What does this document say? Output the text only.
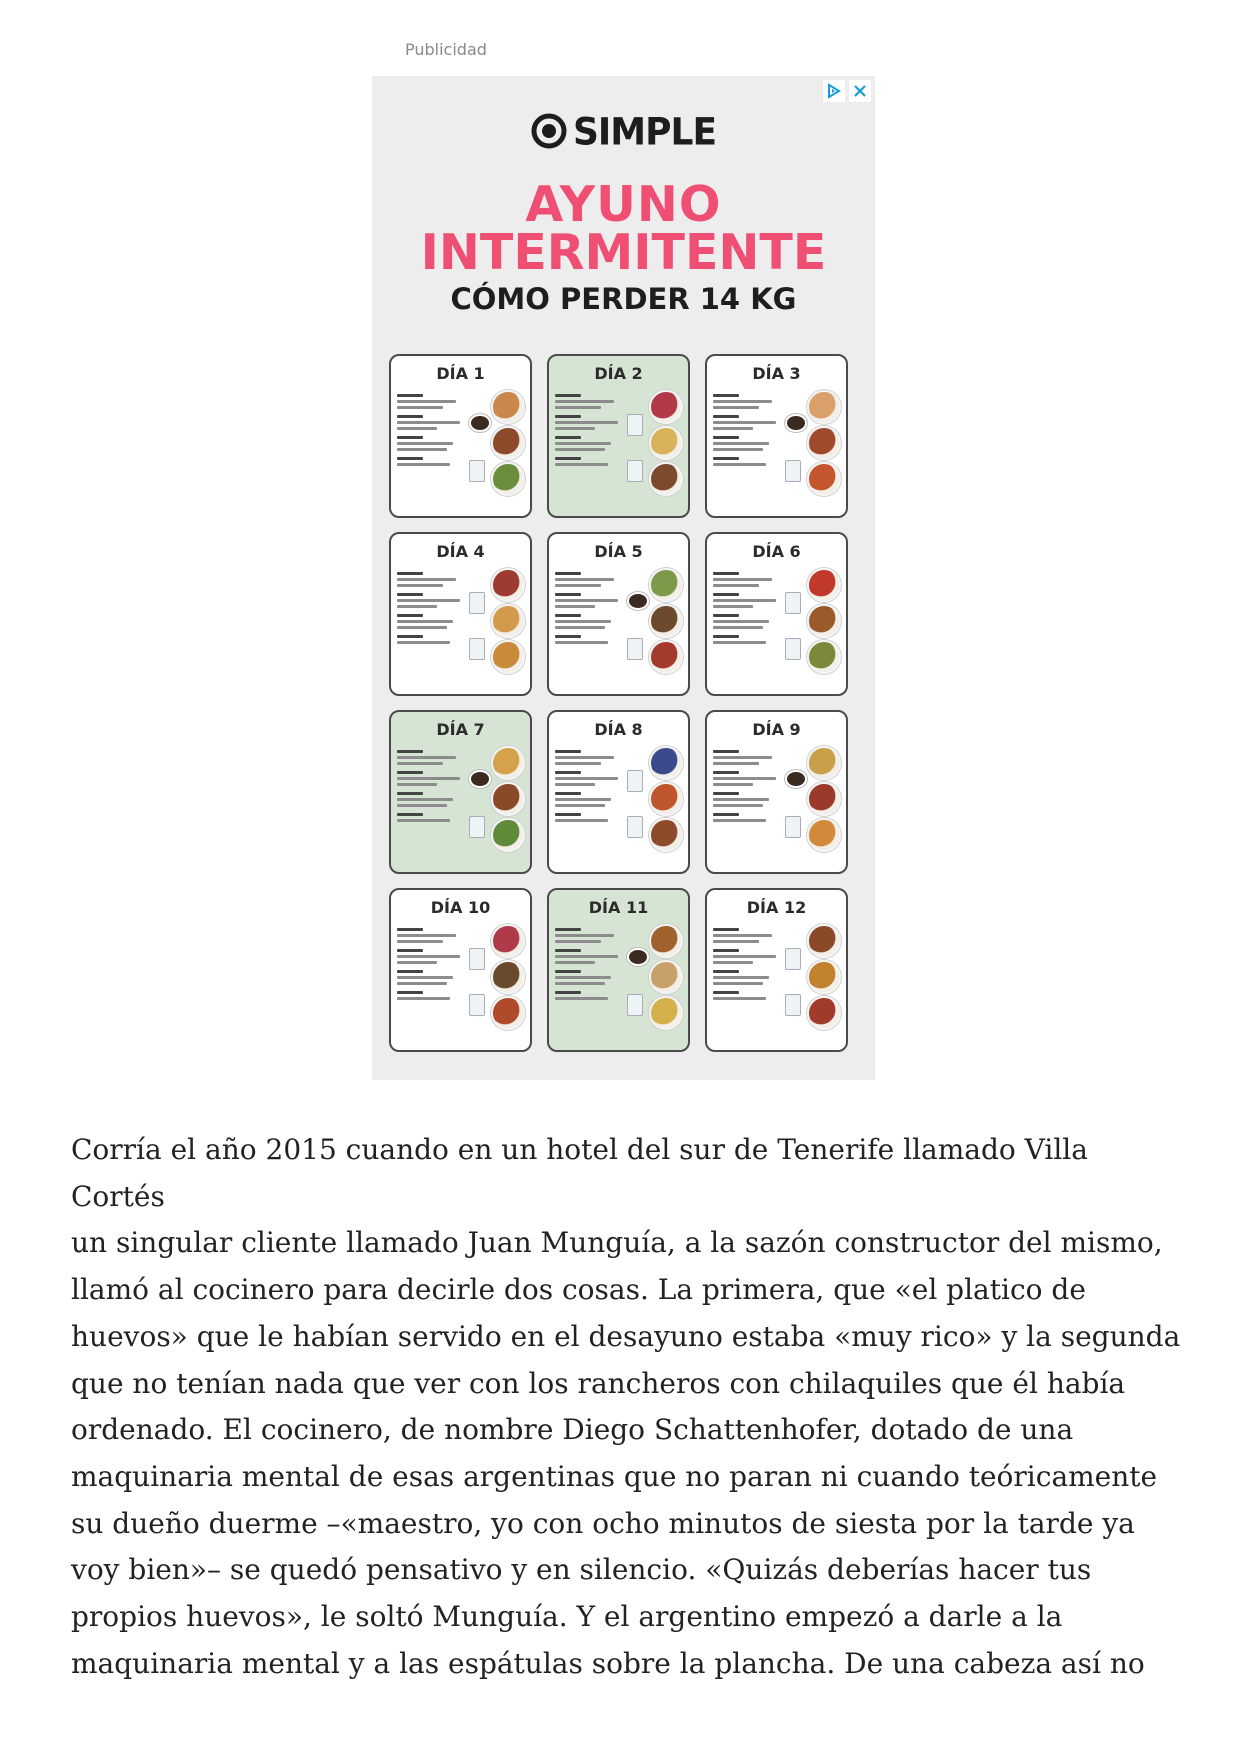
Publicidad
SIMPLE
AYUNO
INTERMITENTE
CÓMO PERDER 14 KG
DÍA 1	DÍA 2	DÍA 3
DÍA 4	DÍA 5	DÍA 6
DÍA 7	DÍA 8	DÍA 9
DÍA 10	DÍA 11	DÍA 12

Corría el año 2015 cuando en un hotel del sur de Tenerife llamado Villa Cortés
un singular cliente llamado Juan Munguía, a la sazón constructor del mismo,
llamó al cocinero para decirle dos cosas. La primera, que «el platico de
huevos» que le habían servido en el desayuno estaba «muy rico» y la segunda
que no tenían nada que ver con los rancheros con chilaquiles que él había
ordenado. El cocinero, de nombre Diego Schattenhofer, dotado de una
maquinaria mental de esas argentinas que no paran ni cuando teóricamente
su dueño duerme –«maestro, yo con ocho minutos de siesta por la tarde ya
voy bien»– se quedó pensativo y en silencio. «Quizás deberías hacer tus
propios huevos», le soltó Munguía. Y el argentino empezó a darle a la
maquinaria mental y a las espátulas sobre la plancha. De una cabeza así no
